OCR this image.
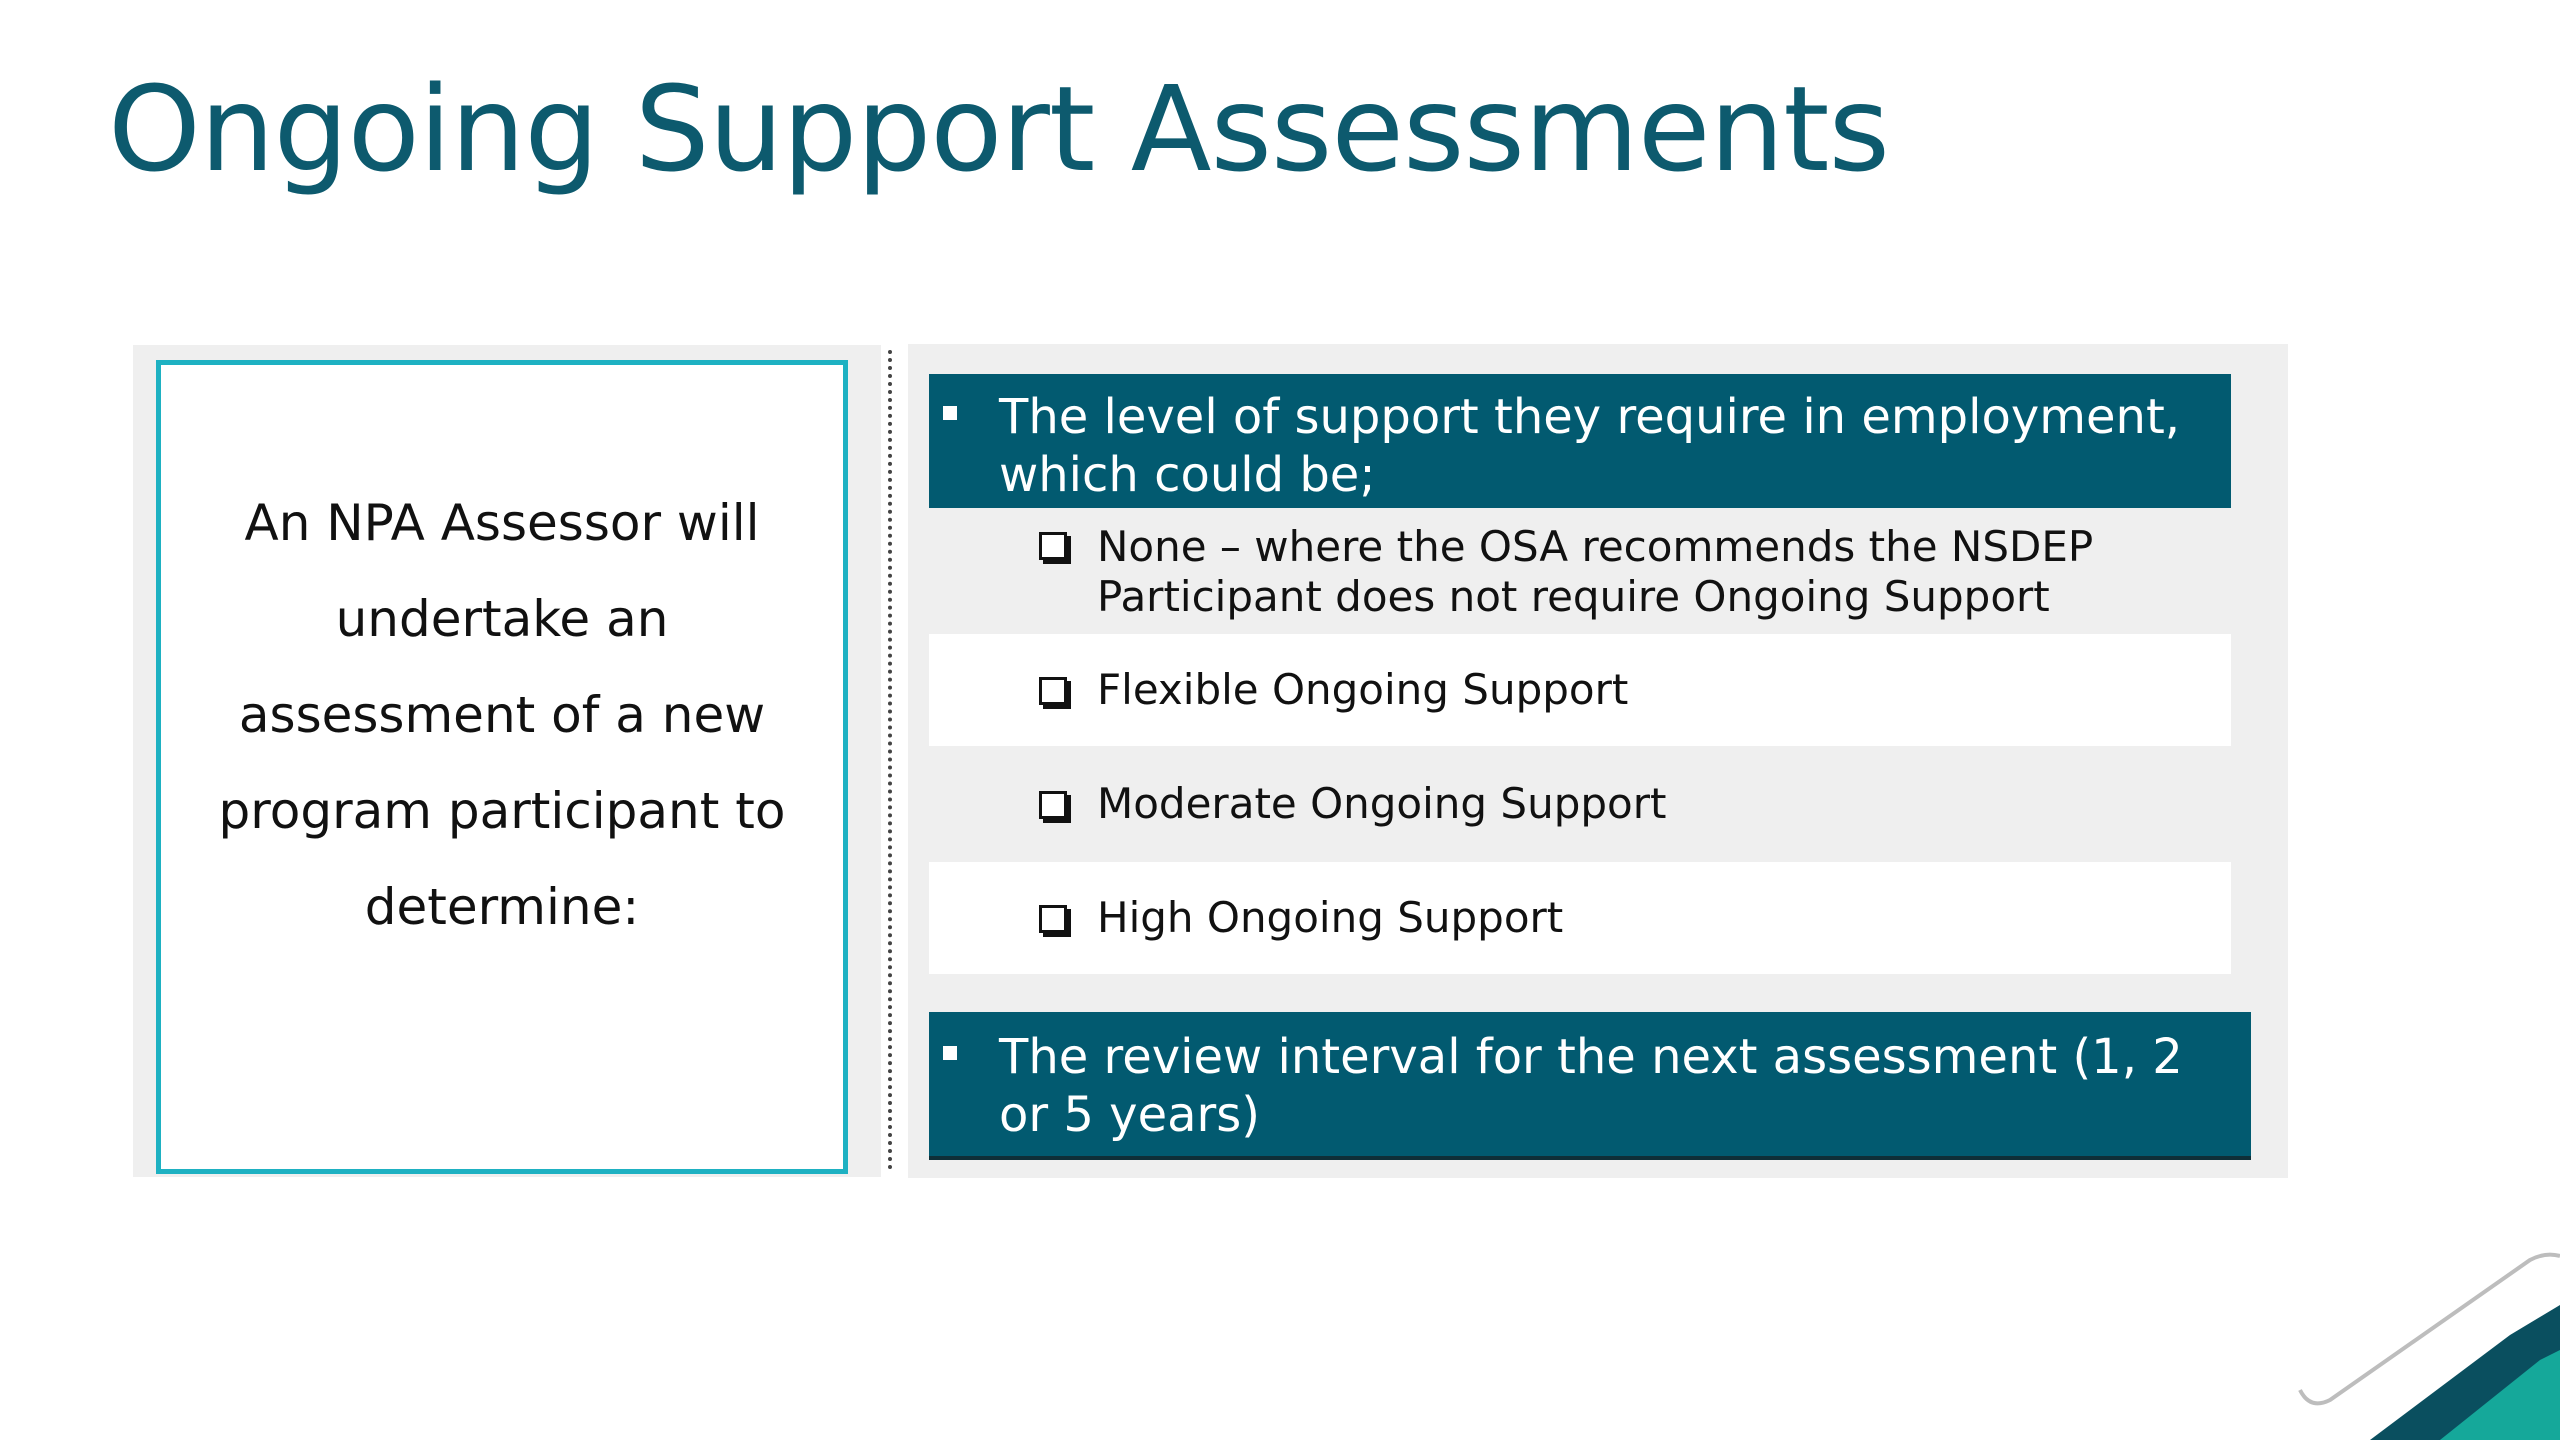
Ongoing Support Assessments

An NPA Assessor will undertake an assessment of a new program participant to determine:

The level of support they require in employment, which could be;
None – where the OSA recommends the NSDEP Participant does not require Ongoing Support
Flexible Ongoing Support
Moderate Ongoing Support
High Ongoing Support
The review interval for the next assessment (1, 2 or 5 years)
